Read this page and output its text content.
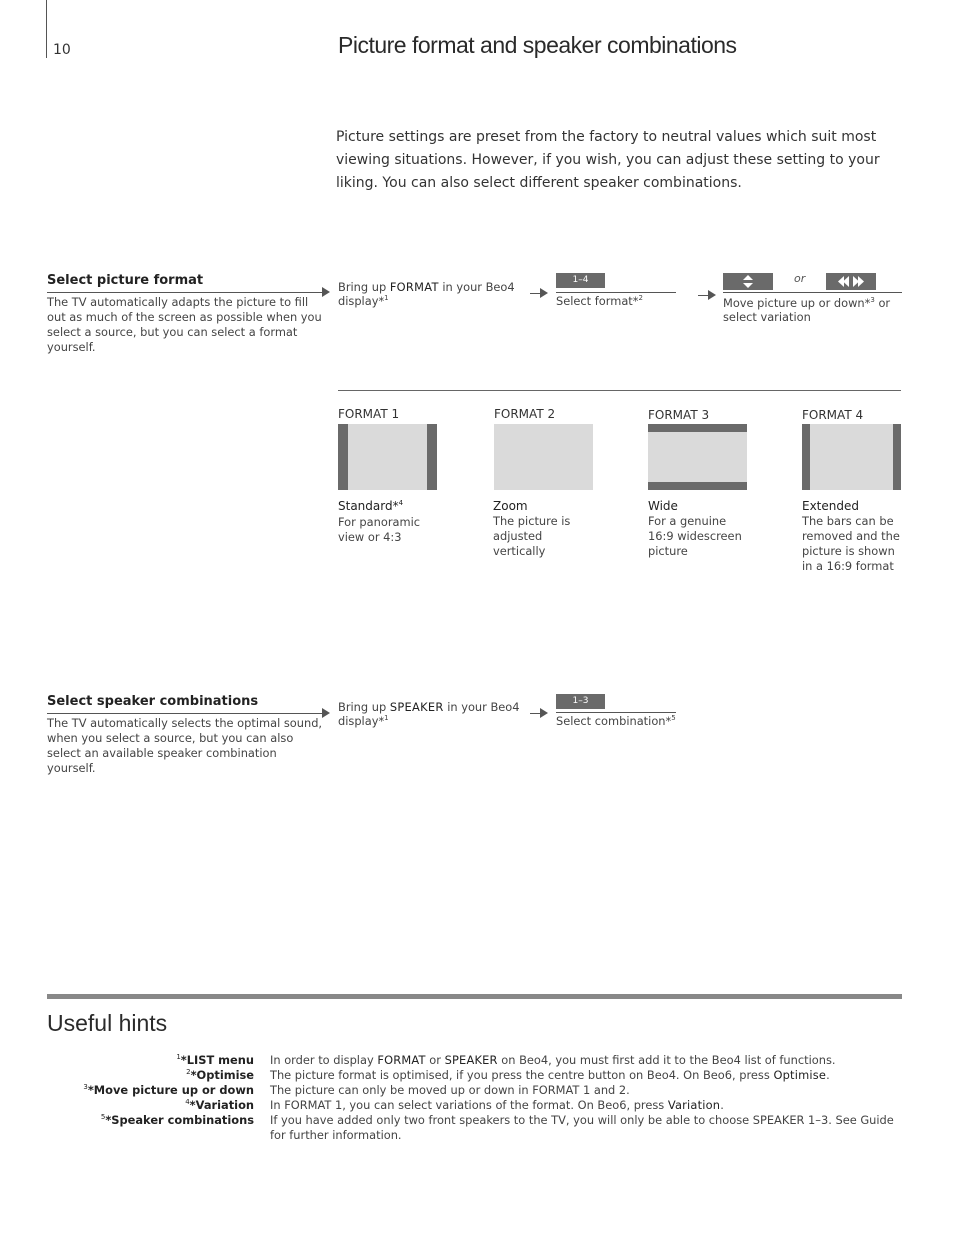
10	Picture format and speaker combinations
Picture settings are preset from the factory to neutral values which suit most viewing situations. However, if you wish, you can adjust these setting to your liking. You can also select different speaker combinations.
Select picture format
The TV automatically adapts the picture to fill out as much of the screen as possible when you select a source, but you can select a format yourself.
Bring up FORMAT in your Beo4 display*$^1$
1–4
Select format*$^2$
or
Move picture up or down*$^3$ or select variation
FORMAT 1
Standard*$^4$
For panoramic view or 4:3
FORMAT 2
Zoom
The picture is adjusted vertically
FORMAT 3
Wide
For a genuine 16:9 widescreen picture
FORMAT 4
Extended
The bars can be removed and the picture is shown in a 16:9 format
Select speaker combinations
The TV automatically selects the optimal sound, when you select a source, but you can also select an available speaker combination yourself.
Bring up SPEAKER in your Beo4 display*$^1$
1–3
Select combination*$^5$
Useful hints
$^1$*LIST menu In order to display FORMAT or SPEAKER on Beo4, you must first add it to the Beo4 list of functions.
$^2$*Optimise The picture format is optimised, if you press the centre button on Beo4. On Beo6, press Optimise.
$^3$*Move picture up or down The picture can only be moved up or down in FORMAT 1 and 2.
$^4$*Variation In FORMAT 1, you can select variations of the format. On Beo6, press Variation.
$^5$*Speaker combinations If you have added only two front speakers to the TV, you will only be able to choose SPEAKER 1–3. See Guide for further information.
